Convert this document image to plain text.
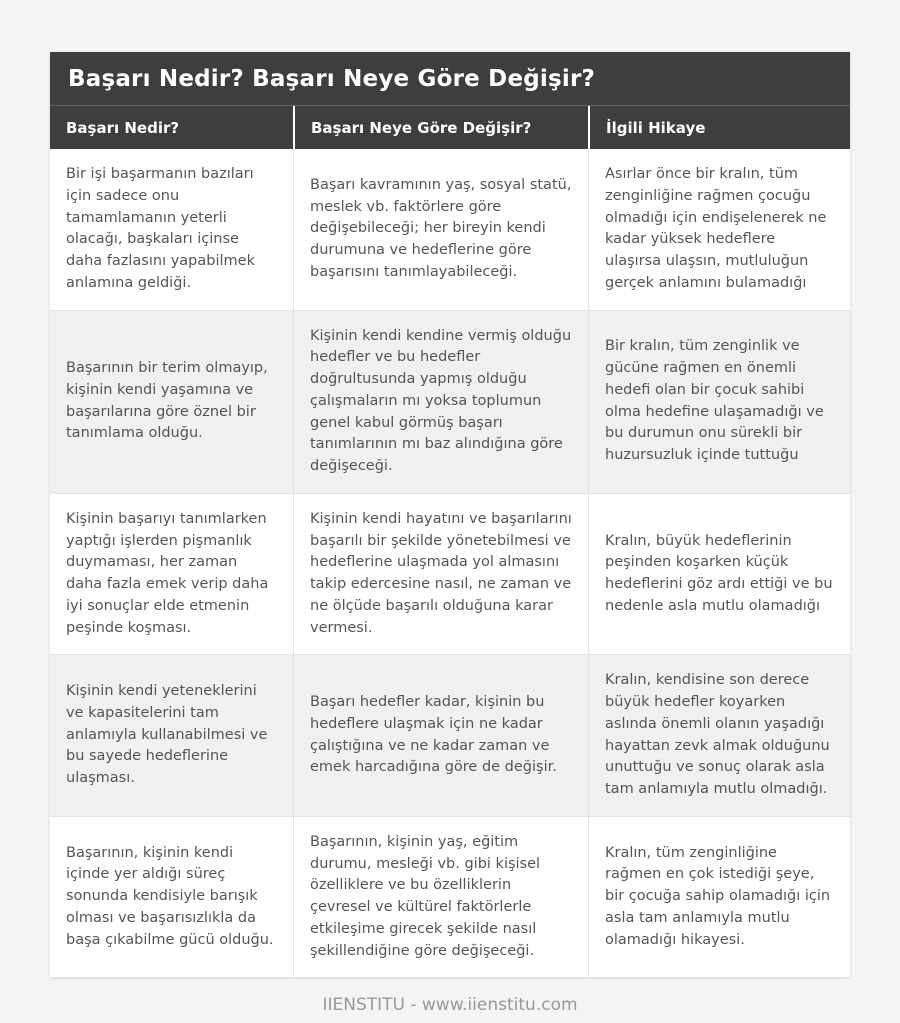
Başarı Nedir? Başarı Neye Göre Değişir?
Başarı Nedir?	Başarı Neye Göre Değişir?	İlgili Hikaye
Bir işi başarmanın bazıları için sadece onu tamamlamanın yeterli olacağı, başkaları içinse daha fazlasını yapabilmek anlamına geldiği.
Başarı kavramının yaş, sosyal statü, meslek vb. faktörlere göre değişebileceği; her bireyin kendi durumuna ve hedeflerine göre başarısını tanımlayabileceği.
Asırlar önce bir kralın, tüm zenginliğine rağmen çocuğu olmadığı için endişelenerek ne kadar yüksek hedeflere ulaşırsa ulaşsın, mutluluğun gerçek anlamını bulamadığı
Başarının bir terim olmayıp, kişinin kendi yaşamına ve başarılarına göre öznel bir tanımlama olduğu.
Kişinin kendi kendine vermiş olduğu hedefler ve bu hedefler doğrultusunda yapmış olduğu çalışmaların mı yoksa toplumun genel kabul görmüş başarı tanımlarının mı baz alındığına göre değişeceği.
Bir kralın, tüm zenginlik ve gücüne rağmen en önemli hedefi olan bir çocuk sahibi olma hedefine ulaşamadığı ve bu durumun onu sürekli bir huzursuzluk içinde tuttuğu
Kişinin başarıyı tanımlarken yaptığı işlerden pişmanlık duymaması, her zaman daha fazla emek verip daha iyi sonuçlar elde etmenin peşinde koşması.
Kişinin kendi hayatını ve başarılarını başarılı bir şekilde yönetebilmesi ve hedeflerine ulaşmada yol almasını takip edercesine nasıl, ne zaman ve ne ölçüde başarılı olduğuna karar vermesi.
Kralın, büyük hedeflerinin peşinden koşarken küçük hedeflerini göz ardı ettiği ve bu nedenle asla mutlu olamadığı
Kişinin kendi yeteneklerini ve kapasitelerini tam anlamıyla kullanabilmesi ve bu sayede hedeflerine ulaşması.
Başarı hedefler kadar, kişinin bu hedeflere ulaşmak için ne kadar çalıştığına ve ne kadar zaman ve emek harcadığına göre de değişir.
Kralın, kendisine son derece büyük hedefler koyarken aslında önemli olanın yaşadığı hayattan zevk almak olduğunu unuttuğu ve sonuç olarak asla tam anlamıyla mutlu olmadığı.
Başarının, kişinin kendi içinde yer aldığı süreç sonunda kendisiyle barışık olması ve başarısızlıkla da başa çıkabilme gücü olduğu.
Başarının, kişinin yaş, eğitim durumu, mesleği vb. gibi kişisel özelliklere ve bu özelliklerin çevresel ve kültürel faktörlerle etkileşime girecek şekilde nasıl şekillendiğine göre değişeceği.
Kralın, tüm zenginliğine rağmen en çok istediği şeye, bir çocuğa sahip olamadığı için asla tam anlamıyla mutlu olamadığı hikayesi.
IIENSTITU - www.iienstitu.com
